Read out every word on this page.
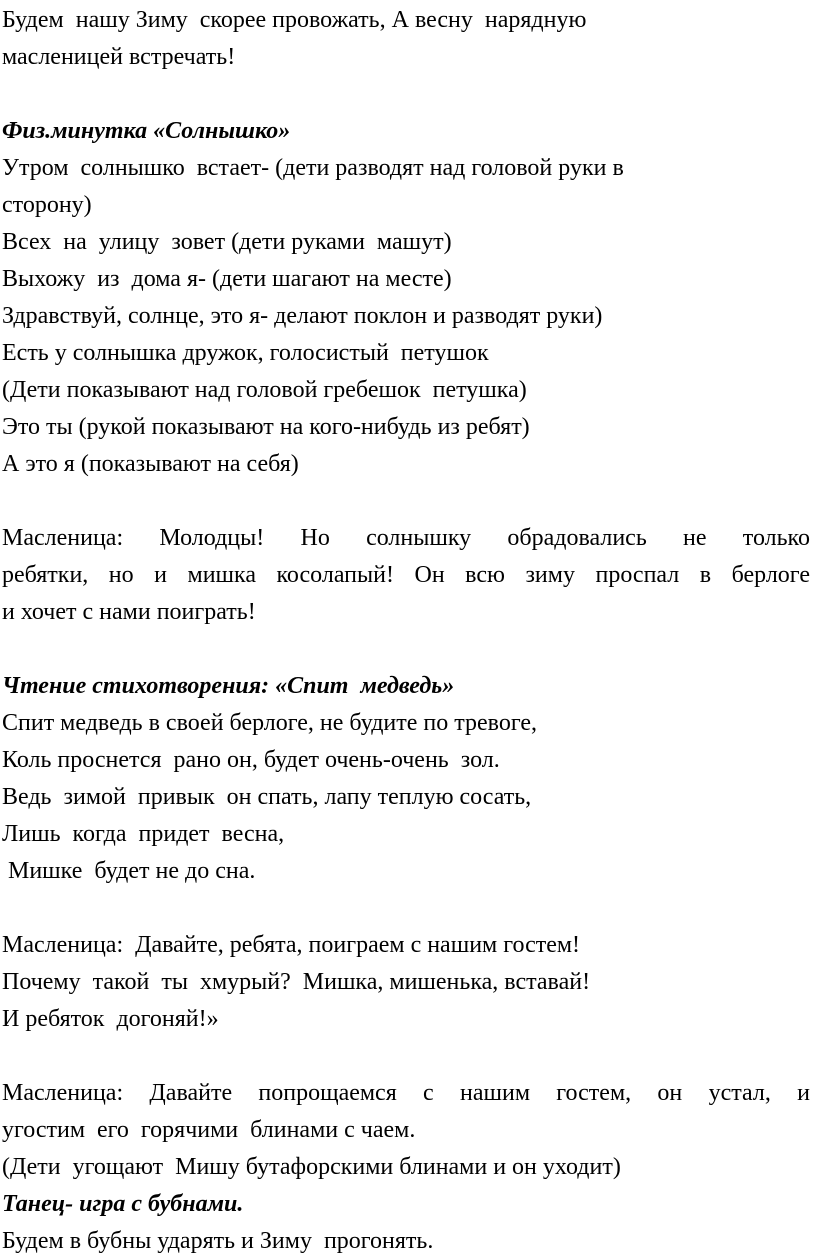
Будем  нашу Зиму  скорее провожать, А весну  нарядную
масленицей встречать!
Физ.минутка «Солнышко»
Утром  солнышко  встает- (дети разводят над головой руки в
сторону)
Всех  на  улицу  зовет (дети руками  машут)
Выхожу  из  дома я- (дети шагают на месте)
Здравствуй, солнце, это я- делают поклон и разводят руки)
Есть у солнышка дружок, голосистый  петушок
(Дети показывают над головой гребешок  петушка)
Это ты (рукой показывают на кого-нибудь из ребят)
А это я (показывают на себя)
Масленица: Молодцы! Но солнышку обрадовались не только
ребятки, но и мишка косолапый! Он всю зиму проспал в берлоге
и хочет с нами поиграть!
Чтение стихотворения: «Спит  медведь»
Спит медведь в своей берлоге, не будите по тревоге,
Коль проснется  рано он, будет очень-очень  зол.
Ведь  зимой  привык  он спать, лапу теплую сосать,
Лишь  когда  придет  весна,
Мишке  будет не до сна.
Масленица:  Давайте, ребята, поиграем с нашим гостем!
Почему  такой  ты  хмурый?  Мишка, мишенька, вставай!
И ребяток  догоняй!»
Масленица: Давайте попрощаемся с нашим гостем, он устал, и
угостим  его  горячими  блинами с чаем.
(Дети  угощают  Мишу бутафорскими блинами и он уходит)
Танец- игра с бубнами.
Будем в бубны ударять и Зиму  прогонять.
